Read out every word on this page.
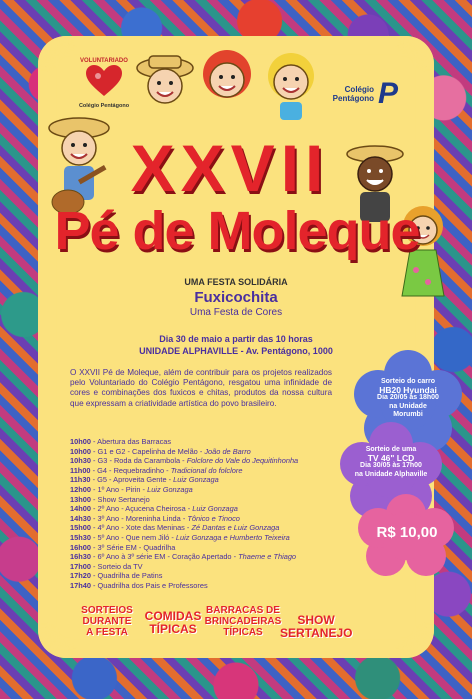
VOLUNTARIADO
Colégio Pentágono
Colégio
Pentágono P
XXVII
Pé de Moleque
UMA FESTA SOLIDÁRIA
Fuxicochita
Uma Festa de Cores
Dia 30 de maio a partir das 10 horas
UNIDADE ALPHAVILLE - Av. Pentágono, 1000
O XXVII Pé de Moleque, além de contribuir para os projetos realizados pelo Voluntariado do Colégio Pentágono, resgatou uma infinidade de cores e combinações dos fuxicos e chitas, produtos da nossa cultura que expressam a criatividade artística do povo brasileiro.
10h00 - Abertura das Barracas
10h00 - G1 e G2 - Capelinha de Melão - João de Barro
10h30 - G3 - Roda da Carambola - Folclore do Vale do Jequitinhonha
11h00 - G4 - Requebradinho - Tradicional do folclore
11h30 - G5 - Aproveita Gente - Luiz Gonzaga
12h00 - 1º Ano - Pirin - Luiz Gonzaga
13h00 - Show Sertanejo
14h00 - 2º Ano - Açucena Cheirosa - Luiz Gonzaga
14h30 - 3º Ano - Moreninha Linda - Tônico e Tinoco
15h00 - 4º Ano - Xote das Meninas - Zé Dantas e Luiz Gonzaga
15h30 - 5º Ano - Que nem Jiló - Luiz Gonzaga e Humberto Teixeira
16h00 - 3º Série EM - Quadrilha
16h30 - 6º Ano à 3º série EM - Coração Apertado - Thaeme e Thiago
17h00 - Sorteio da TV
17h20 - Quadrilha de Patins
17h40 - Quadrilha dos Pais e Professores
Sorteio do carro
HB20 Hyundai
Dia 20/05 às 18h00
na Unidade
Morumbi
Sorteio de uma
TV 46" LCD
Dia 30/05 às 17h00
na Unidade Alphaville
R$ 10,00
SORTEIOS
DURANTE
A FESTA
COMIDAS
TÍPICAS
BARRACAS DE
BRINCADEIRAS
TÍPICAS
SHOW
SERTANEJO
